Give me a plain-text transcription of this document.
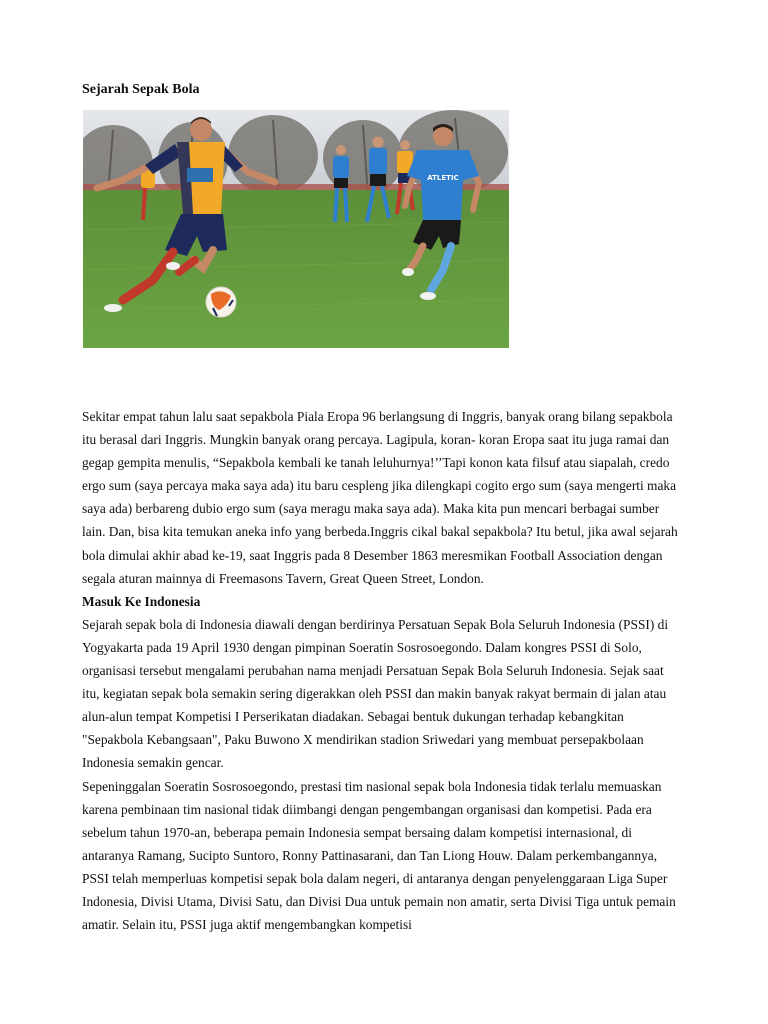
Sejarah Sepak Bola
ATLETIC

Sekitar empat tahun lalu saat sepakbola Piala Eropa 96 berlangsung di Inggris, banyak orang bilang sepakbola itu berasal dari Inggris. Mungkin banyak orang percaya. Lagipula, koran- koran Eropa saat itu juga ramai dan gegap gempita menulis, “Sepakbola kembali ke tanah leluhurnya!’’Tapi konon kata filsuf atau siapalah, credo ergo sum (saya percaya maka saya ada) itu baru cespleng jika dilengkapi cogito ergo sum (saya mengerti maka saya ada) berbareng dubio ergo sum (saya meragu maka saya ada). Maka kita pun mencari berbagai sumber lain. Dan, bisa kita temukan aneka info yang berbeda.Inggris cikal bakal sepakbola? Itu betul, jika awal sejarah bola dimulai akhir abad ke-19, saat Inggris pada 8 Desember 1863 meresmikan Football Association dengan segala aturan mainnya di Freemasons Tavern, Great Queen Street, London.

Masuk Ke Indonesia

Sejarah sepak bola di Indonesia diawali dengan berdirinya Persatuan Sepak Bola Seluruh Indonesia (PSSI) di Yogyakarta pada 19 April 1930 dengan pimpinan Soeratin Sosrosoegondo. Dalam kongres PSSI di Solo, organisasi tersebut mengalami perubahan nama menjadi Persatuan Sepak Bola Seluruh Indonesia. Sejak saat itu, kegiatan sepak bola semakin sering digerakkan oleh PSSI dan makin banyak rakyat bermain di jalan atau alun-alun tempat Kompetisi I Perserikatan diadakan. Sebagai bentuk dukungan terhadap kebangkitan "Sepakbola Kebangsaan", Paku Buwono X mendirikan stadion Sriwedari yang membuat persepakbolaan Indonesia semakin gencar.

Sepeninggalan Soeratin Sosrosoegondo, prestasi tim nasional sepak bola Indonesia tidak terlalu memuaskan karena pembinaan tim nasional tidak diimbangi dengan pengembangan organisasi dan kompetisi. Pada era sebelum tahun 1970-an, beberapa pemain Indonesia sempat bersaing dalam kompetisi internasional, di antaranya Ramang, Sucipto Suntoro, Ronny Pattinasarani, dan Tan Liong Houw. Dalam perkembangannya, PSSI telah memperluas kompetisi sepak bola dalam negeri, di antaranya dengan penyelenggaraan Liga Super Indonesia, Divisi Utama, Divisi Satu, dan Divisi Dua untuk pemain non amatir, serta Divisi Tiga untuk pemain amatir. Selain itu, PSSI juga aktif mengembangkan kompetisi
